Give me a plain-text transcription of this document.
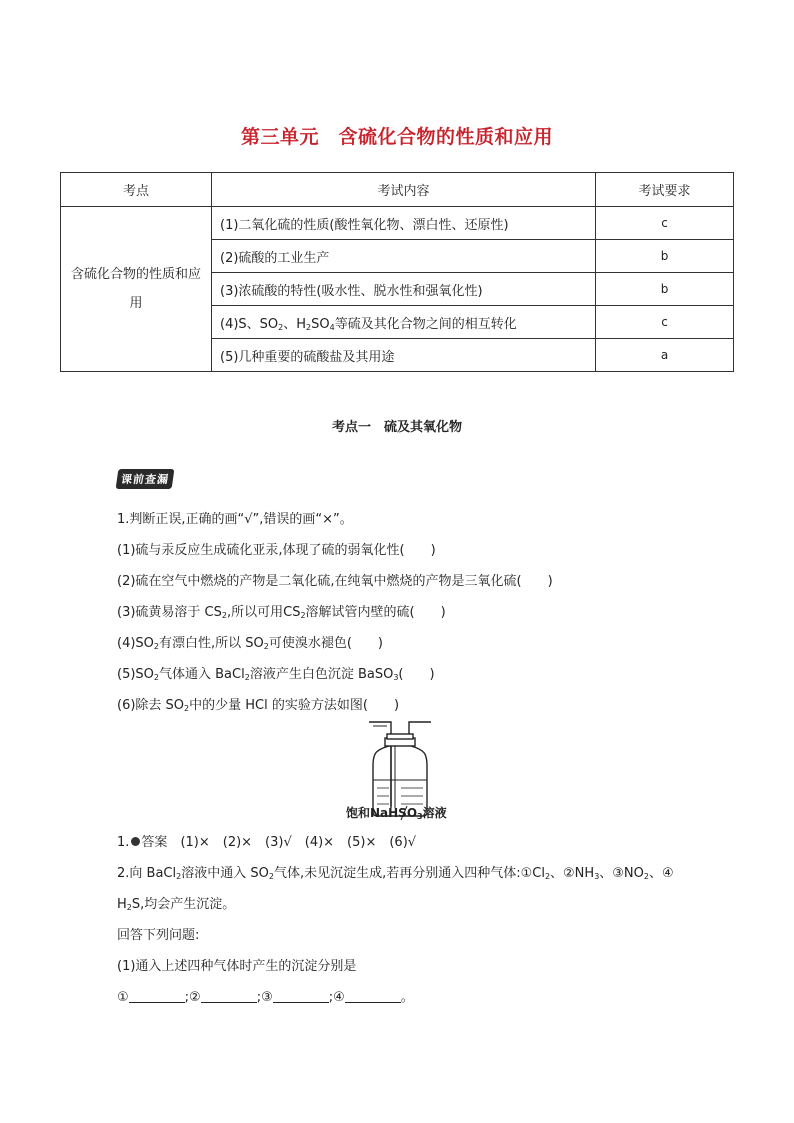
第三单元　含硫化合物的性质和应用
考点	考试内容	考试要求
含硫化合物的性质和应用	(1)二氧化硫的性质(酸性氧化物、漂白性、还原性)	c
	(2)硫酸的工业生产	b
	(3)浓硫酸的特性(吸水性、脱水性和强氧化性)	b
	(4)S、$SO_2$、$H_2SO_4$等硫及其化合物之间的相互转化	c
	(5)几种重要的硫酸盐及其用途	a
考点一　硫及其氧化物
课前查漏
1.判断正误,正确的画“√”,错误的画“×”。
(1)硫与汞反应生成硫化亚汞,体现了硫的弱氧化性(　　)
(2)硫在空气中燃烧的产物是二氧化硫,在纯氧中燃烧的产物是三氧化硫(　　)
(3)硫黄易溶于 $CS_2$,所以可用$CS_2$溶解试管内壁的硫(　　)
$(4)SO_2$有漂白性,所以 $SO_2$可使溴水褪色(　　)
$(5)SO_2$气体通入 BaCl$_2$溶液产生白色沉淀 BaSO$_3$(　　)
(6)除去 $SO_2$中的少量 HCl 的实验方法如图(　　)
饱和NaHSO$_3$溶液
1. 答案　 (1)×　(2)×　(3)√　(4)×　(5)×　(6)√
2.向 BaCl$_2$溶液中通入 $SO_2$气体,未见沉淀生成,若再分别通入四种气体$:①Cl_2$、$②NH_3$、$③NO_2$、④
$H_2S$,均会产生沉淀。
回答下列问题:
(1)通入上述四种气体时产生的沉淀分别是
①	;②	;③	;④	。
